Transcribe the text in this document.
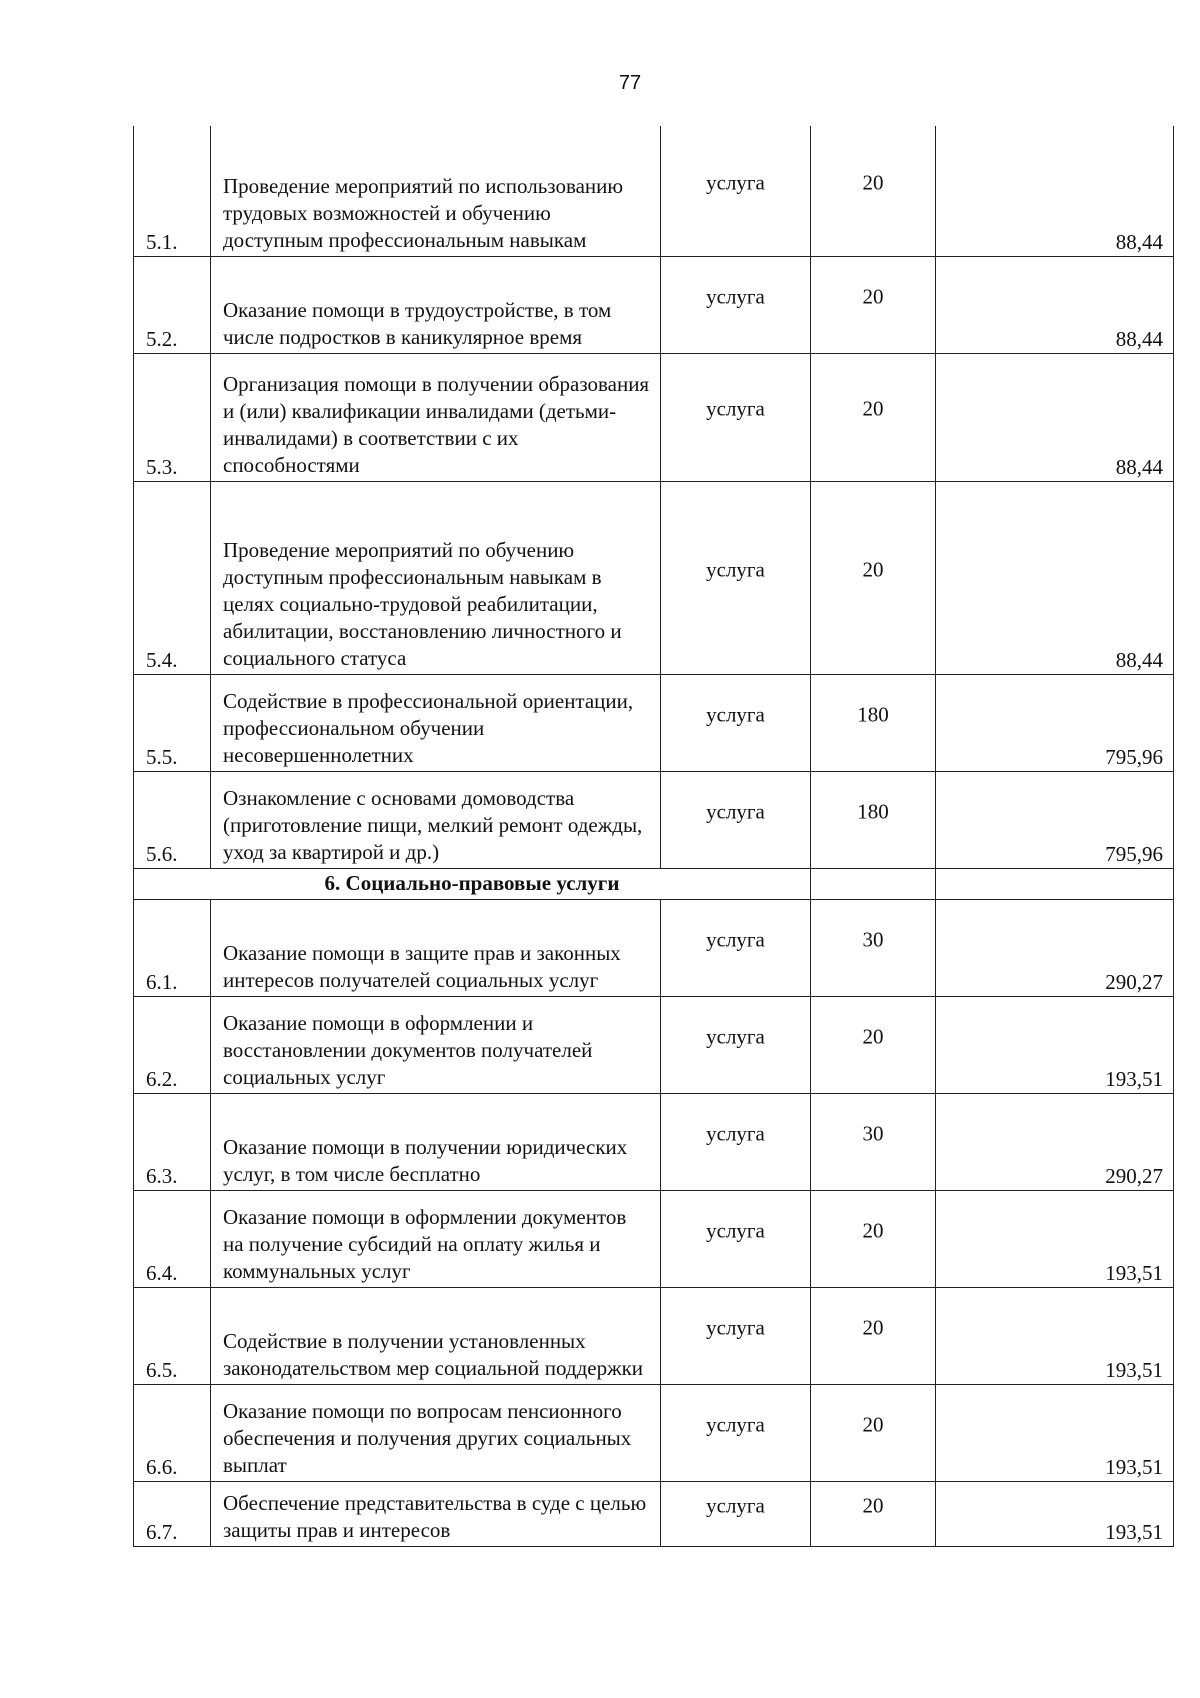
77
5.1.	Проведение мероприятий по использованию трудовых возможностей и обучению доступным профессиональным навыкам	услуга	20	88,44
5.2.	Оказание помощи в трудоустройстве, в том числе подростков в каникулярное время	услуга	20	88,44
5.3.	Организация помощи в получении образования и (или) квалификации инвалидами (детьми-инвалидами) в соответствии с их способностями	услуга	20	88,44
5.4.	Проведение мероприятий по обучению доступным профессиональным навыкам в целях социально-трудовой реабилитации, абилитации, восстановлению личностного и социального статуса	услуга	20	88,44
5.5.	Содействие в профессиональной ориентации, профессиональном обучении несовершеннолетних	услуга	180	795,96
5.6.	Ознакомление с основами домоводства (приготовление пищи, мелкий ремонт одежды, уход за квартирой и др.)	услуга	180	795,96
6. Социально-правовые услуги				
6.1.	Оказание помощи в защите прав и законных интересов получателей социальных услуг	услуга	30	290,27
6.2.	Оказание помощи в оформлении и восстановлении документов получателей социальных услуг	услуга	20	193,51
6.3.	Оказание помощи в получении юридических услуг, в том числе бесплатно	услуга	30	290,27
6.4.	Оказание помощи в оформлении документов на получение субсидий на оплату жилья и коммунальных услуг	услуга	20	193,51
6.5.	Содействие в получении установленных законодательством мер социальной поддержки	услуга	20	193,51
6.6.	Оказание помощи по вопросам пенсионного обеспечения и получения других социальных выплат	услуга	20	193,51
6.7.	Обеспечение представительства в суде с целью защиты прав и интересов	услуга	20	193,51
